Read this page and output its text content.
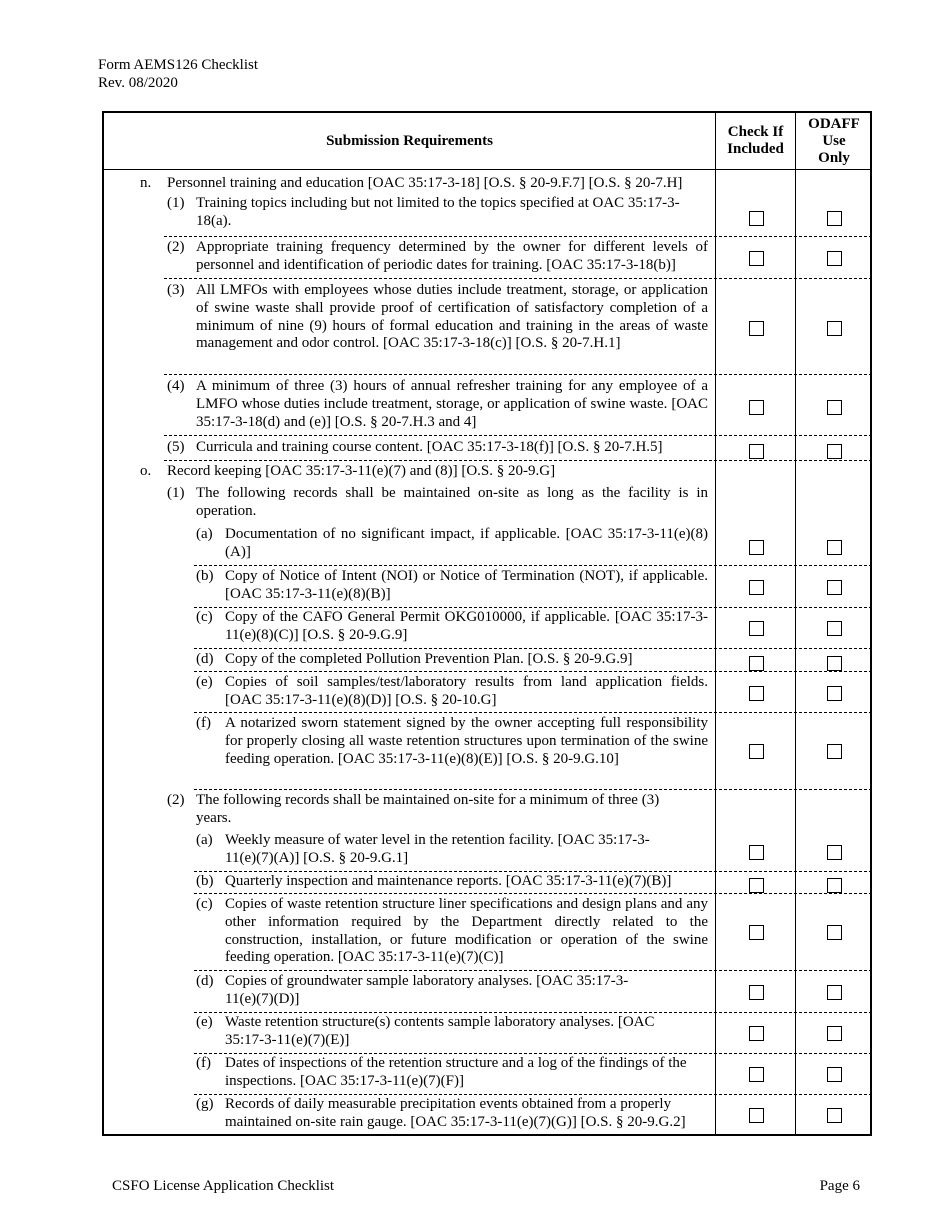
Form AEMS126 Checklist
Rev. 08/2020
Submission Requirements
Check If Included
ODAFF Use Only
n. Personnel training and education [OAC 35:17-3-18] [O.S. § 20-9.F.7] [O.S. § 20-7.H]
(1) Training topics including but not limited to the topics specified at OAC 35:17-3-18(a).
(2) Appropriate training frequency determined by the owner for different levels of personnel and identification of periodic dates for training. [OAC 35:17-3-18(b)]
(3) All LMFOs with employees whose duties include treatment, storage, or application of swine waste shall provide proof of certification of satisfactory completion of a minimum of nine (9) hours of formal education and training in the areas of waste management and odor control. [OAC 35:17-3-18(c)] [O.S. § 20-7.H.1]
(4) A minimum of three (3) hours of annual refresher training for any employee of a LMFO whose duties include treatment, storage, or application of swine waste. [OAC 35:17-3-18(d) and (e)] [O.S. § 20-7.H.3 and 4]
(5) Curricula and training course content. [OAC 35:17-3-18(f)] [O.S. § 20-7.H.5]
o. Record keeping [OAC 35:17-3-11(e)(7) and (8)] [O.S. § 20-9.G]
(1) The following records shall be maintained on-site as long as the facility is in operation.
(a) Documentation of no significant impact, if applicable. [OAC 35:17-3-11(e)(8)(A)]
(b) Copy of Notice of Intent (NOI) or Notice of Termination (NOT), if applicable. [OAC 35:17-3-11(e)(8)(B)]
(c) Copy of the CAFO General Permit OKG010000, if applicable. [OAC 35:17-3-11(e)(8)(C)] [O.S. § 20-9.G.9]
(d) Copy of the completed Pollution Prevention Plan. [O.S. § 20-9.G.9]
(e) Copies of soil samples/test/laboratory results from land application fields. [OAC 35:17-3-11(e)(8)(D)] [O.S. § 20-10.G]
(f) A notarized sworn statement signed by the owner accepting full responsibility for properly closing all waste retention structures upon termination of the swine feeding operation. [OAC 35:17-3-11(e)(8)(E)] [O.S. § 20-9.G.10]
(2) The following records shall be maintained on-site for a minimum of three (3) years.
(a) Weekly measure of water level in the retention facility. [OAC 35:17-3-11(e)(7)(A)] [O.S. § 20-9.G.1]
(b) Quarterly inspection and maintenance reports. [OAC 35:17-3-11(e)(7)(B)]
(c) Copies of waste retention structure liner specifications and design plans and any other information required by the Department directly related to the construction, installation, or future modification or operation of the swine feeding operation. [OAC 35:17-3-11(e)(7)(C)]
(d) Copies of groundwater sample laboratory analyses. [OAC 35:17-3-11(e)(7)(D)]
(e) Waste retention structure(s) contents sample laboratory analyses. [OAC 35:17-3-11(e)(7)(E)]
(f) Dates of inspections of the retention structure and a log of the findings of the inspections. [OAC 35:17-3-11(e)(7)(F)]
(g) Records of daily measurable precipitation events obtained from a properly maintained on-site rain gauge. [OAC 35:17-3-11(e)(7)(G)] [O.S. § 20-9.G.2]
CSFO License Application Checklist	Page 6
